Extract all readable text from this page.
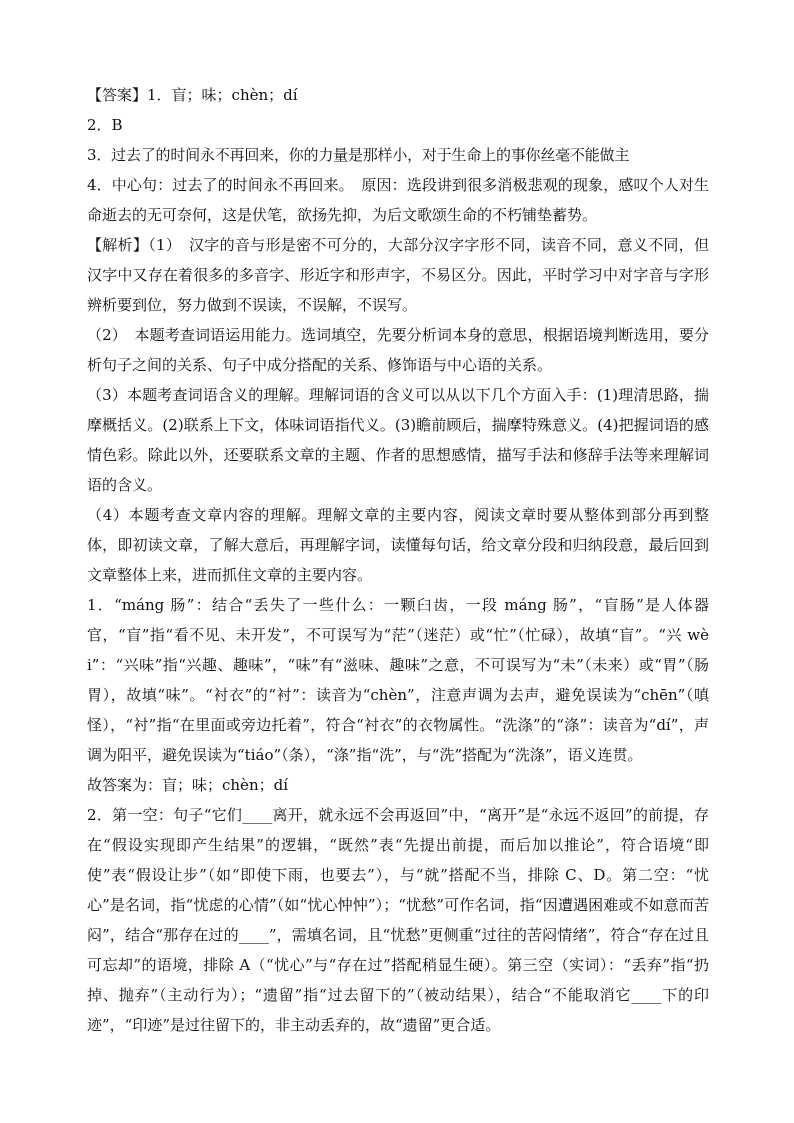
【答案】1．盲；味；chèn；dí

2．B

3．过去了的时间永不再回来，你的力量是那样小，对于生命上的事你丝毫不能做主

4．中心句：过去了的时间永不再回来。　原因：选段讲到很多消极悲观的现象，感叹个人对生命逝去的无可奈何，这是伏笔，欲扬先抑，为后文歌颂生命的不朽铺垫蓄势。

【解析】（1）　汉字的音与形是密不可分的，大部分汉字字形不同，读音不同，意义不同，但汉字中又存在着很多的多音字、形近字和形声字，不易区分。因此，平时学习中对字音与字形辨析要到位，努力做到不误读，不误解，不误写。

（2）　本题考查词语运用能力。选词填空，先要分析词本身的意思，根据语境判断选用，要分析句子之间的关系、句子中成分搭配的关系、修饰语与中心语的关系。

（3）本题考查词语含义的理解。理解词语的含义可以从以下几个方面入手：(1)理清思路，揣摩概括义。(2)联系上下文，体味词语指代义。(3)瞻前顾后，揣摩特殊意义。(4)把握词语的感情色彩。除此以外，还要联系文章的主题、作者的思想感情，描写手法和修辞手法等来理解词语的含义。

（4）本题考查文章内容的理解。理解文章的主要内容，阅读文章时要从整体到部分再到整体，即初读文章，了解大意后，再理解字词，读懂每句话，给文章分段和归纳段意，最后回到文章整体上来，进而抓住文章的主要内容。

1．“máng 肠”：结合“丢失了一些什么：一颗臼齿，一段 máng 肠”，“盲肠”是人体器官，“盲”指“看不见、未开发”，不可误写为“茫”（迷茫）或“忙”（忙碌），故填“盲”。“兴 wèi”：“兴味”指“兴趣、趣味”，“味”有“滋味、趣味”之意，不可误写为“未”（未来）或“胃”（肠胃），故填“味”。“衬衣”的“衬”：读音为“chèn”，注意声调为去声，避免误读为“chēn”（嗔怪），“衬”指“在里面或旁边托着”，符合“衬衣”的衣物属性。“洗涤”的“涤”：读音为“dí”，声调为阳平，避免误读为“tiáo”（条），“涤”指“洗”，与“洗”搭配为“洗涤”，语义连贯。

故答案为：盲；味；chèn；dí

2．第一空：句子“它们____离开，就永远不会再返回”中，“离开”是“永远不返回”的前提，存在“假设实现即产生结果”的逻辑，“既然”表“先提出前提，而后加以推论”，符合语境“即使”表“假设让步”（如“即使下雨，也要去”），与“就”搭配不当，排除 C、D。第二空：“忧心”是名词，指“忧虑的心情”（如“忧心忡忡”）；“忧愁”可作名词，指“因遭遇困难或不如意而苦闷”，结合“那存在过的____”，需填名词，且“忧愁”更侧重“过往的苦闷情绪”，符合“存在过且可忘却”的语境，排除 A（“忧心”与“存在过”搭配稍显生硬）。第三空（实词）：“丢弃”指“扔掉、抛弃”（主动行为）；“遗留”指“过去留下的”（被动结果），结合“不能取消它____下的印迹”，“印迹”是过往留下的，非主动丢弃的，故“遗留”更合适。
